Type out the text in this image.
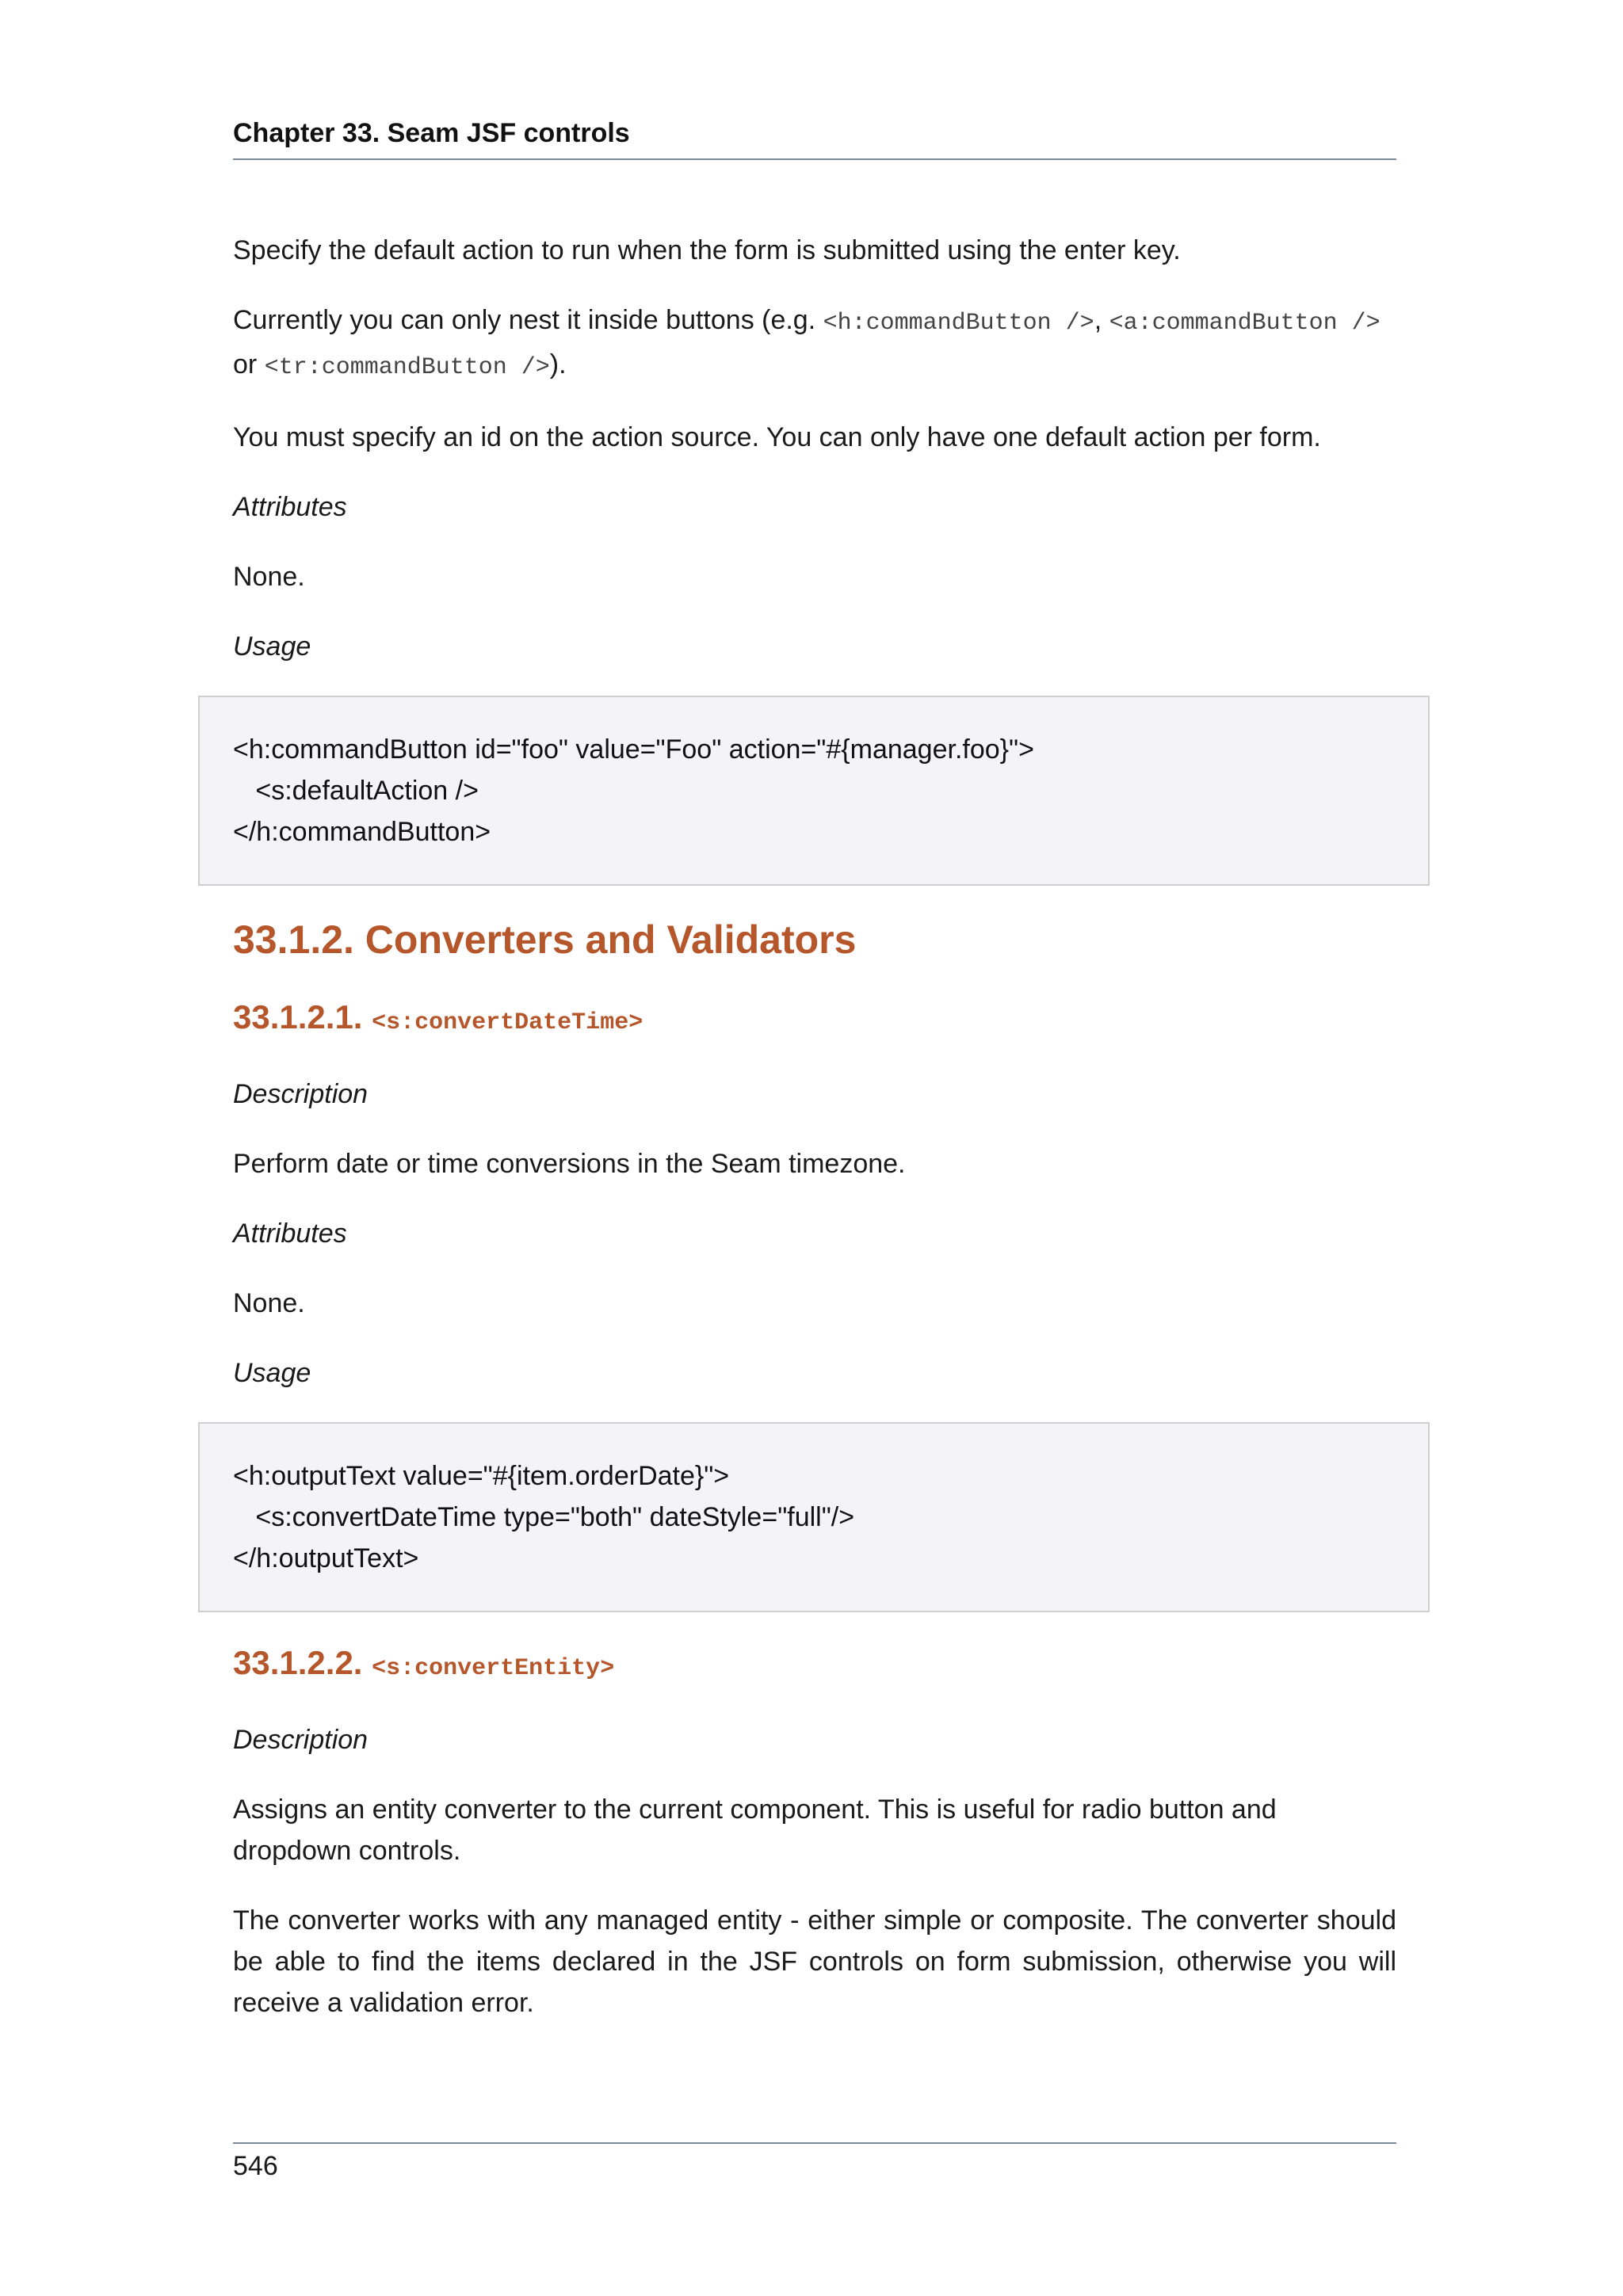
Chapter 33. Seam JSF controls

Specify the default action to run when the form is submitted using the enter key.

Currently you can only nest it inside buttons (e.g. <h:commandButton />, <a:commandButton /> or <tr:commandButton />).

You must specify an id on the action source. You can only have one default action per form.

Attributes

None.

Usage
<h:commandButton id="foo" value="Foo" action="#{manager.foo}">
<s:defaultAction />
</h:commandButton>
33.1.2. Converters and Validators
33.1.2.1. <s:convertDateTime>
Description

Perform date or time conversions in the Seam timezone.

Attributes

None.

Usage
<h:outputText value="#{item.orderDate}">
<s:convertDateTime type="both" dateStyle="full"/>
</h:outputText>
33.1.2.2. <s:convertEntity>
Description

Assigns an entity converter to the current component. This is useful for radio button and dropdown controls.

The converter works with any managed entity - either simple or composite. The converter should be able to find the items declared in the JSF controls on form submission, otherwise you will receive a validation error.

546
